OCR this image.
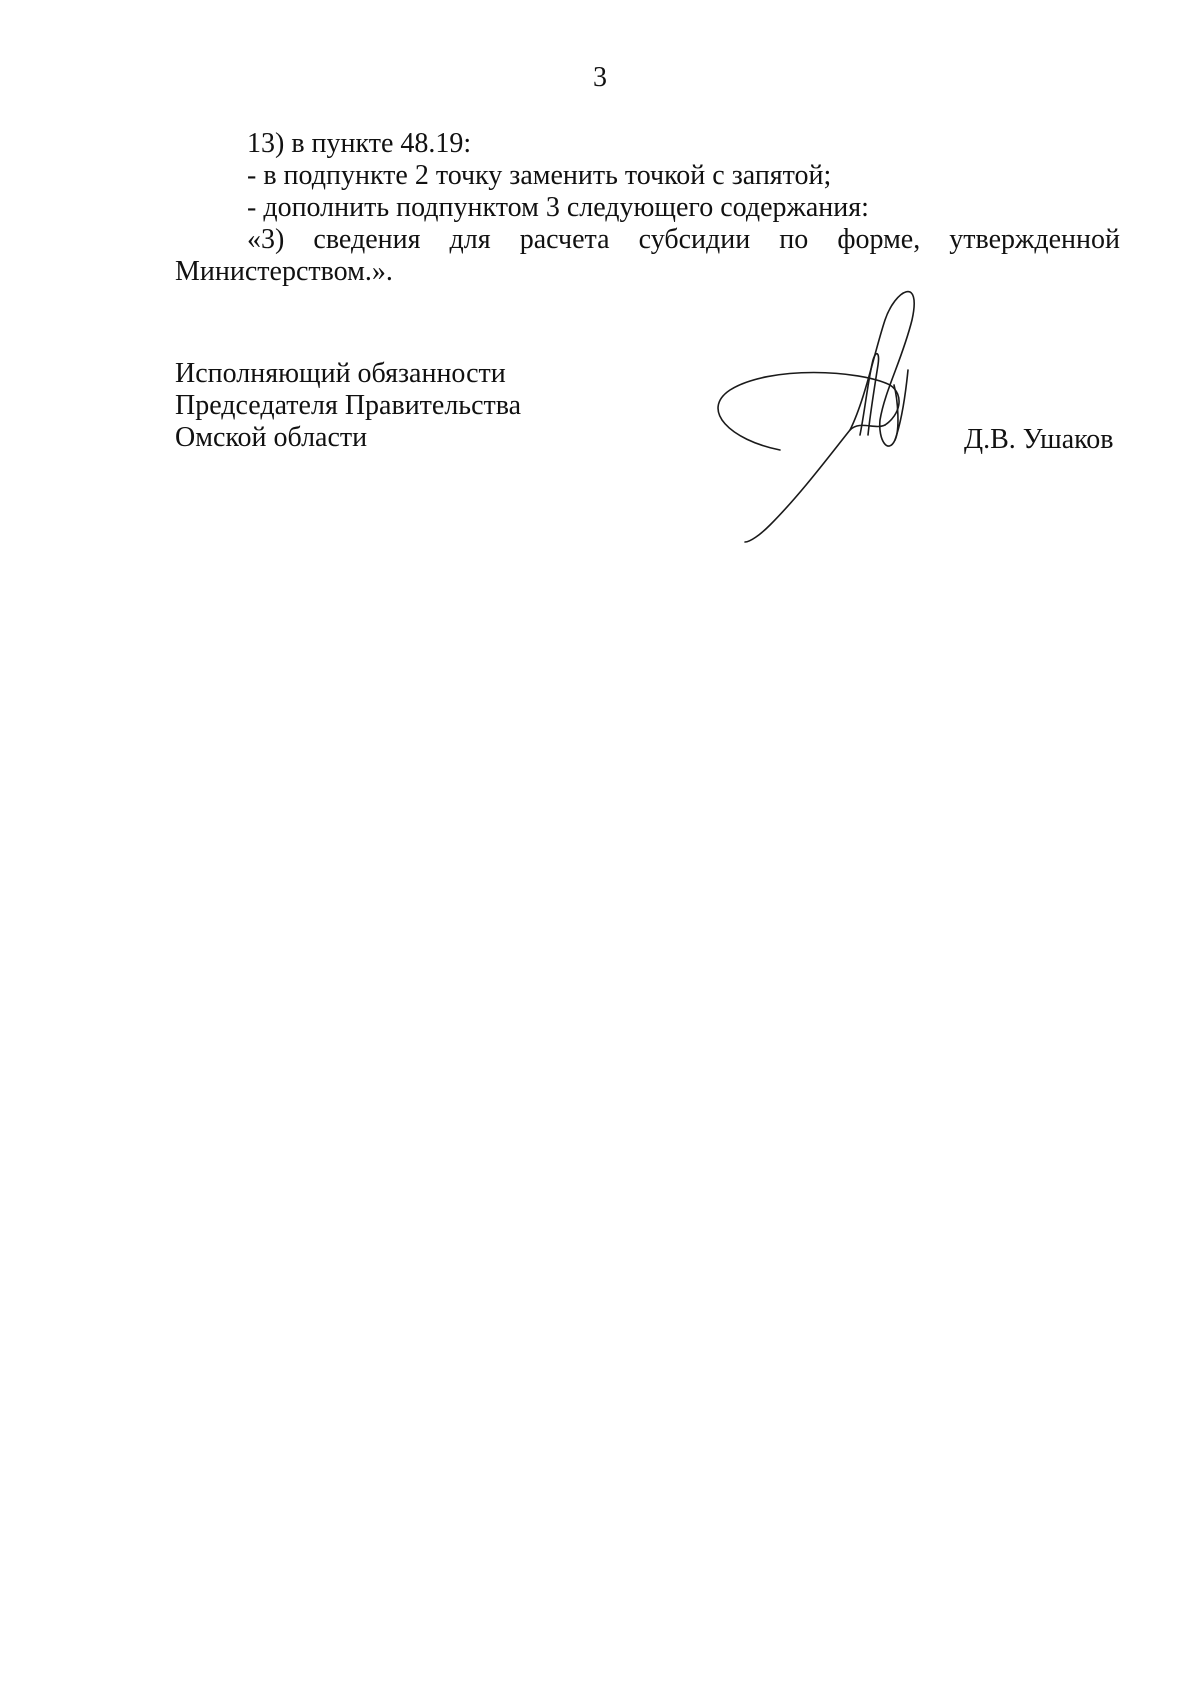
3

13) в пункте 48.19:

- в подпункте 2 точку заменить точкой с запятой;

- дополнить подпунктом 3 следующего содержания:

«3) сведения для расчета субсидии по форме, утвержденной Министерством.».

Исполняющий обязанности
Председателя Правительства
Омской области	Д.В. Ушаков
